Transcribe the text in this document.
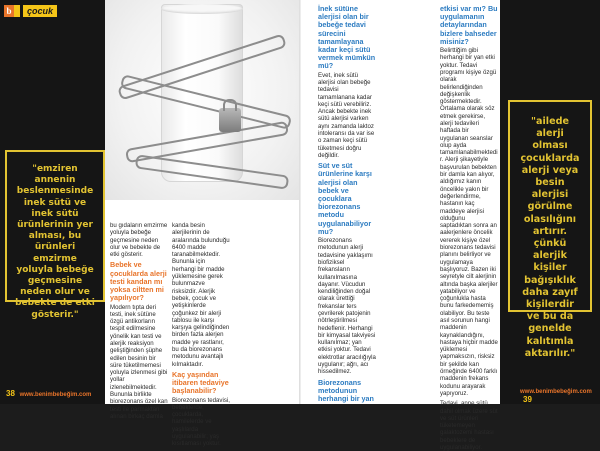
b	çocuk
"emziren annenin beslenmesinde inek sütü ve inek sütü ürünlerinin yer alması, bu ürünleri emzirme yoluyla bebeğe geçmesine neden olur ve bebekte de etki gösterir."
"ailede alerji olması çocuklarda alerji veya besin alerjisi görülme olasılığını artırır. çünkü alerjik kişiler bağışıklık daha zayıf kişilerdir ve bu da genelde kalıtımla aktarılır."

bu gıdaların emzirme yoluyla bebeğe geçmesine neden olur ve bebekte de etki gösterir.

Bebek ve çocuklarda alerji testi kandan mı yoksa ciltten mi yapılıyor?

Modern tıpta deri testi, inek sütüne özgü antikorların tespit edilmesine yönelik kan testi ve alerjik reaksiyon geliştiğinden şüphe edilen besinin bir süre tüketilmemesi yoluyla izlenmesi gibi yollar izlenebilmektedir. Bununla birlikte biorezonans özel kan testi ile parmaktan alınan birkaç damla

kanda besin alerjilerinin de aralarında bulunduğu 6400 madde taranabilmektedir. Bununla için herhangi bir madde yüklemesine gerek bulunmazve risksizdir. Alerjik bebek, çocuk ve yetişkinlerde çoğunkez bir alerji tablosu ile karşı karşıya gelindiğinden birden fazla alerjen madde ye rastlanır, bu da biorezonans metodunu avantajlı kılmaktadır.

Kaç yaşından itibaren tedaviye başlanabilir?

Biorezonans tedavisi, bebeklerde, çocuklarda, hamilelerde ve yaşlılarda uygulanabilir; yaş kısıtlaması yoktur.

İnek sütüne alerjisi olan bir bebeğe tedavi sürecini tamamlayana kadar keçi sütü vermek mümkün mü?

Evet, inek sütü alerjisi olan bebeğe tedavisi tamamlanana kadar keçi sütü verebiliriz. Ancak bebekte inek sütü alerjisi varken aynı zamanda laktoz intoleransı da var ise o zaman keçi sütü tüketmesi doğru değildir.

Süt ve süt ürünlerine karşı alerjisi olan bebek ve çocuklara biorezonans metodu uygulanabiliyor mu?

Biorezonans metodunun alerji tedavisine yaklaşımı biofiziksel frekansların kullanılmasına dayanır. Vücudun kendiliğinden doğal olarak ürettiği frekanslar ters çevrilerek patojenin nötrleştirilmesi hedeflenir. Herhangi bir kimyasal takviyesi kullanılmaz; yan etkisi yoktur. Tedavi elektrotlar aracılığıyla uygulanır; ağrı, acı hissedilmez.

Biorezonans metodunun herhangi bir yan

etkisi var mı? Bu uygulamanın detaylarından bizlere bahseder misiniz?

Belirttiğim gibi herhangi bir yan etki yoktur. Tedavi programı kişiye özgü olarak belirlendiğinden değişkenlik göstermektedir. Ortalama olarak söz etmek gerekirse, alerji tedavileri haftada bir uygulanan seanslar olup ayda tamamlanabilmektedir. Alerji şikayetiyle başvurulan bebekten bir damla kan alıyor, aldığımız kanın öncelikle yakın bir değerlendirme, hastanın kaç maddeye alerjisi olduğunu saptadıktan sonra an aalerjenlere öncelik vererek kişiye özel biorezonans tedavisi planını belirliyor ve uygulamaya başlıyoruz. Bazen iki seyretyle cilt alerjinin altında başka alerjiler yatabiliyor ve çoğunlukla hasta bunu farkedememiş olabiliyor. Bu teste asıl sorunun hangi maddenin kaynaklandığını, hastaya hiçbir madde yüklemesi yapmaksızın, risksiz bir şekilde kan örneğinde 6400 farklı maddenin frekans kodunu arayarak yapıyoruz.

Tedavi, anne sütü dahil olmak üzere süt ve süt ürünleri tüketemeyen galaktozemi hastası bebeklere de uygulanabiliyor.

38 www.benimbebeğim.com	www.benimbebeğim.com 39
